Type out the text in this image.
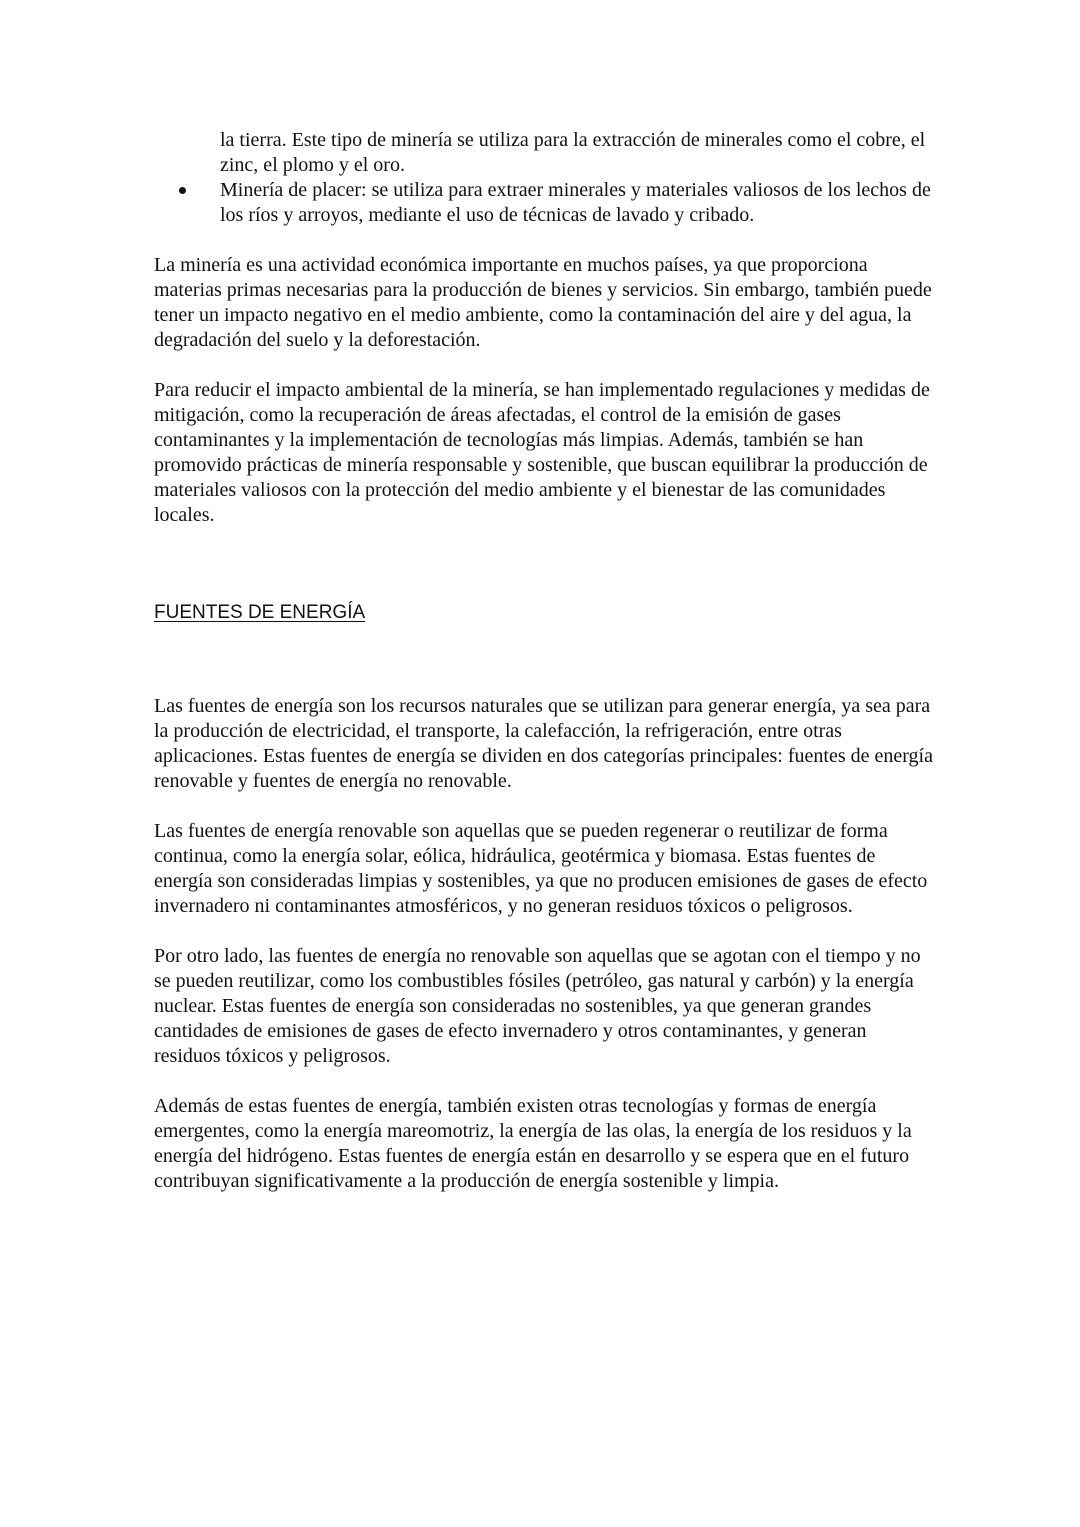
la tierra. Este tipo de minería se utiliza para la extracción de minerales como el cobre, el zinc, el plomo y el oro.
Minería de placer: se utiliza para extraer minerales y materiales valiosos de los lechos de los ríos y arroyos, mediante el uso de técnicas de lavado y cribado.

La minería es una actividad económica importante en muchos países, ya que proporciona materias primas necesarias para la producción de bienes y servicios. Sin embargo, también puede tener un impacto negativo en el medio ambiente, como la contaminación del aire y del agua, la degradación del suelo y la deforestación.

Para reducir el impacto ambiental de la minería, se han implementado regulaciones y medidas de mitigación, como la recuperación de áreas afectadas, el control de la emisión de gases contaminantes y la implementación de tecnologías más limpias. Además, también se han promovido prácticas de minería responsable y sostenible, que buscan equilibrar la producción de materiales valiosos con la protección del medio ambiente y el bienestar de las comunidades locales.

FUENTES DE ENERGÍA

Las fuentes de energía son los recursos naturales que se utilizan para generar energía, ya sea para la producción de electricidad, el transporte, la calefacción, la refrigeración, entre otras aplicaciones. Estas fuentes de energía se dividen en dos categorías principales: fuentes de energía renovable y fuentes de energía no renovable.

Las fuentes de energía renovable son aquellas que se pueden regenerar o reutilizar de forma continua, como la energía solar, eólica, hidráulica, geotérmica y biomasa. Estas fuentes de energía son consideradas limpias y sostenibles, ya que no producen emisiones de gases de efecto invernadero ni contaminantes atmosféricos, y no generan residuos tóxicos o peligrosos.

Por otro lado, las fuentes de energía no renovable son aquellas que se agotan con el tiempo y no se pueden reutilizar, como los combustibles fósiles (petróleo, gas natural y carbón) y la energía nuclear. Estas fuentes de energía son consideradas no sostenibles, ya que generan grandes cantidades de emisiones de gases de efecto invernadero y otros contaminantes, y generan residuos tóxicos y peligrosos.

Además de estas fuentes de energía, también existen otras tecnologías y formas de energía emergentes, como la energía mareomotriz, la energía de las olas, la energía de los residuos y la energía del hidrógeno. Estas fuentes de energía están en desarrollo y se espera que en el futuro contribuyan significativamente a la producción de energía sostenible y limpia.
